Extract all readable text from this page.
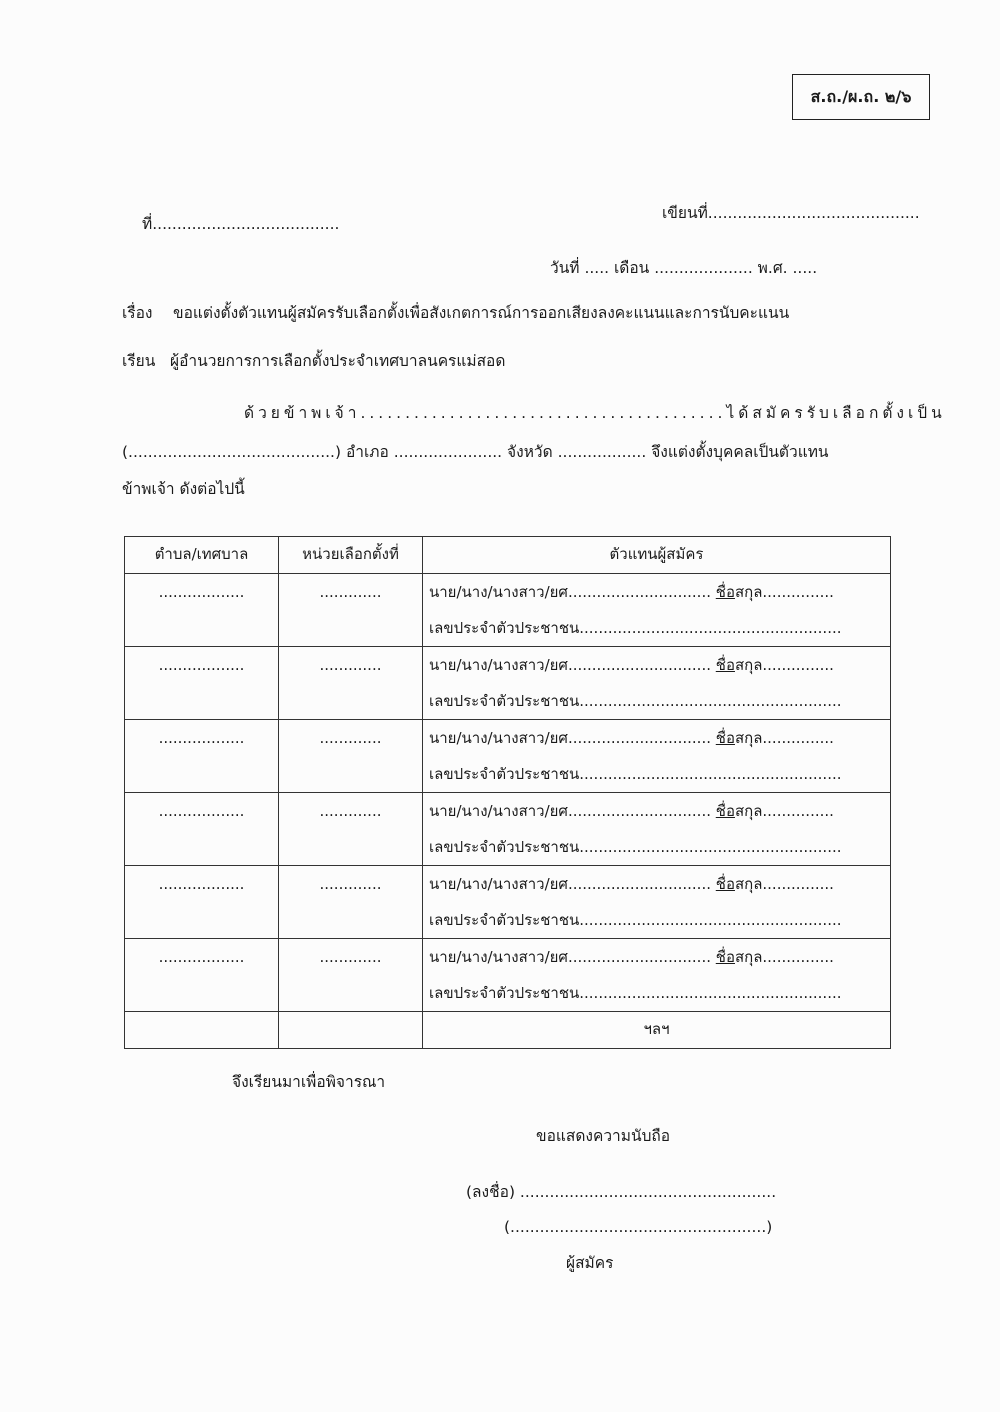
ส.ถ./ผ.ถ. ๒/๖
ที่......................................
เขียนที่...........................................
วันที่ ..... เดือน .................... พ.ศ. .....
เรื่อง ขอแต่งตั้งตัวแทนผู้สมัครรับเลือกตั้งเพื่อสังเกตการณ์การออกเสียงลงคะแนนและการนับคะแนน
เรียน ผู้อำนวยการการเลือกตั้งประจำเทศบาลนครแม่สอด
ด้วยข้าพเจ้า.........................................ได้สมัครรับเลือกตั้งเป็น
(..........................................) อำเภอ ...................... จังหวัด .................. จึงแต่งตั้งบุคคลเป็นตัวแทน
ข้าพเจ้า ดังต่อไปนี้
ตำบล/เทศบาล	หน่วยเลือกตั้งที่	ตัวแทนผู้สมัคร
..................	.............	นาย/นาง/นางสาว/ยศ.............................. ชื่อสกุล...............
เลขประจำตัวประชาชน.......................................................

..................	.............	นาย/นาง/นางสาว/ยศ.............................. ชื่อสกุล...............
เลขประจำตัวประชาชน.......................................................

..................	.............	นาย/นาง/นางสาว/ยศ.............................. ชื่อสกุล...............
เลขประจำตัวประชาชน.......................................................

..................	.............	นาย/นาง/นางสาว/ยศ.............................. ชื่อสกุล...............
เลขประจำตัวประชาชน.......................................................

..................	.............	นาย/นาง/นางสาว/ยศ.............................. ชื่อสกุล...............
เลขประจำตัวประชาชน.......................................................

..................	.............	นาย/นาง/นางสาว/ยศ.............................. ชื่อสกุล...............
เลขประจำตัวประชาชน.......................................................

		ฯลฯ
จึงเรียนมาเพื่อพิจารณา
ขอแสดงความนับถือ
(ลงชื่อ) ....................................................
(....................................................)
ผู้สมัคร
